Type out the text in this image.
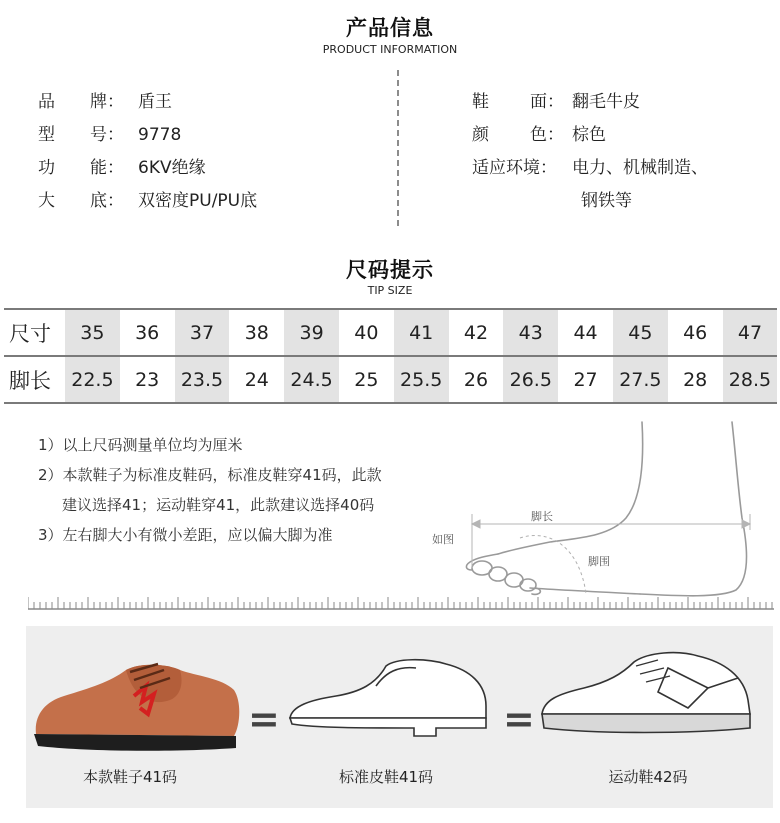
产品信息
PRODUCT INFORMATION
品 牌： 盾王
型 号： 9778
功 能： 6KV绝缘
大 底： 双密度PU/PU底
鞋 面： 翻毛牛皮
颜 色： 棕色
适应环境： 电力、机械制造、
钢铁等
尺码提示
TIP SIZE
尺寸	35	36	37	38	39	40	41	42	43	44	45	46	47
脚长	22.5	23	23.5	24	24.5	25	25.5	26	26.5	27	27.5	28	28.5
1）以上尺码测量单位均为厘米
2）本款鞋子为标准皮鞋码，标准皮鞋穿41码，此款
建议选择41；运动鞋穿41，此款建议选择40码
3）左右脚大小有微小差距，应以偏大脚为准
脚长
脚围
如图
=	=
本款鞋子41码	标准皮鞋41码	运动鞋42码
